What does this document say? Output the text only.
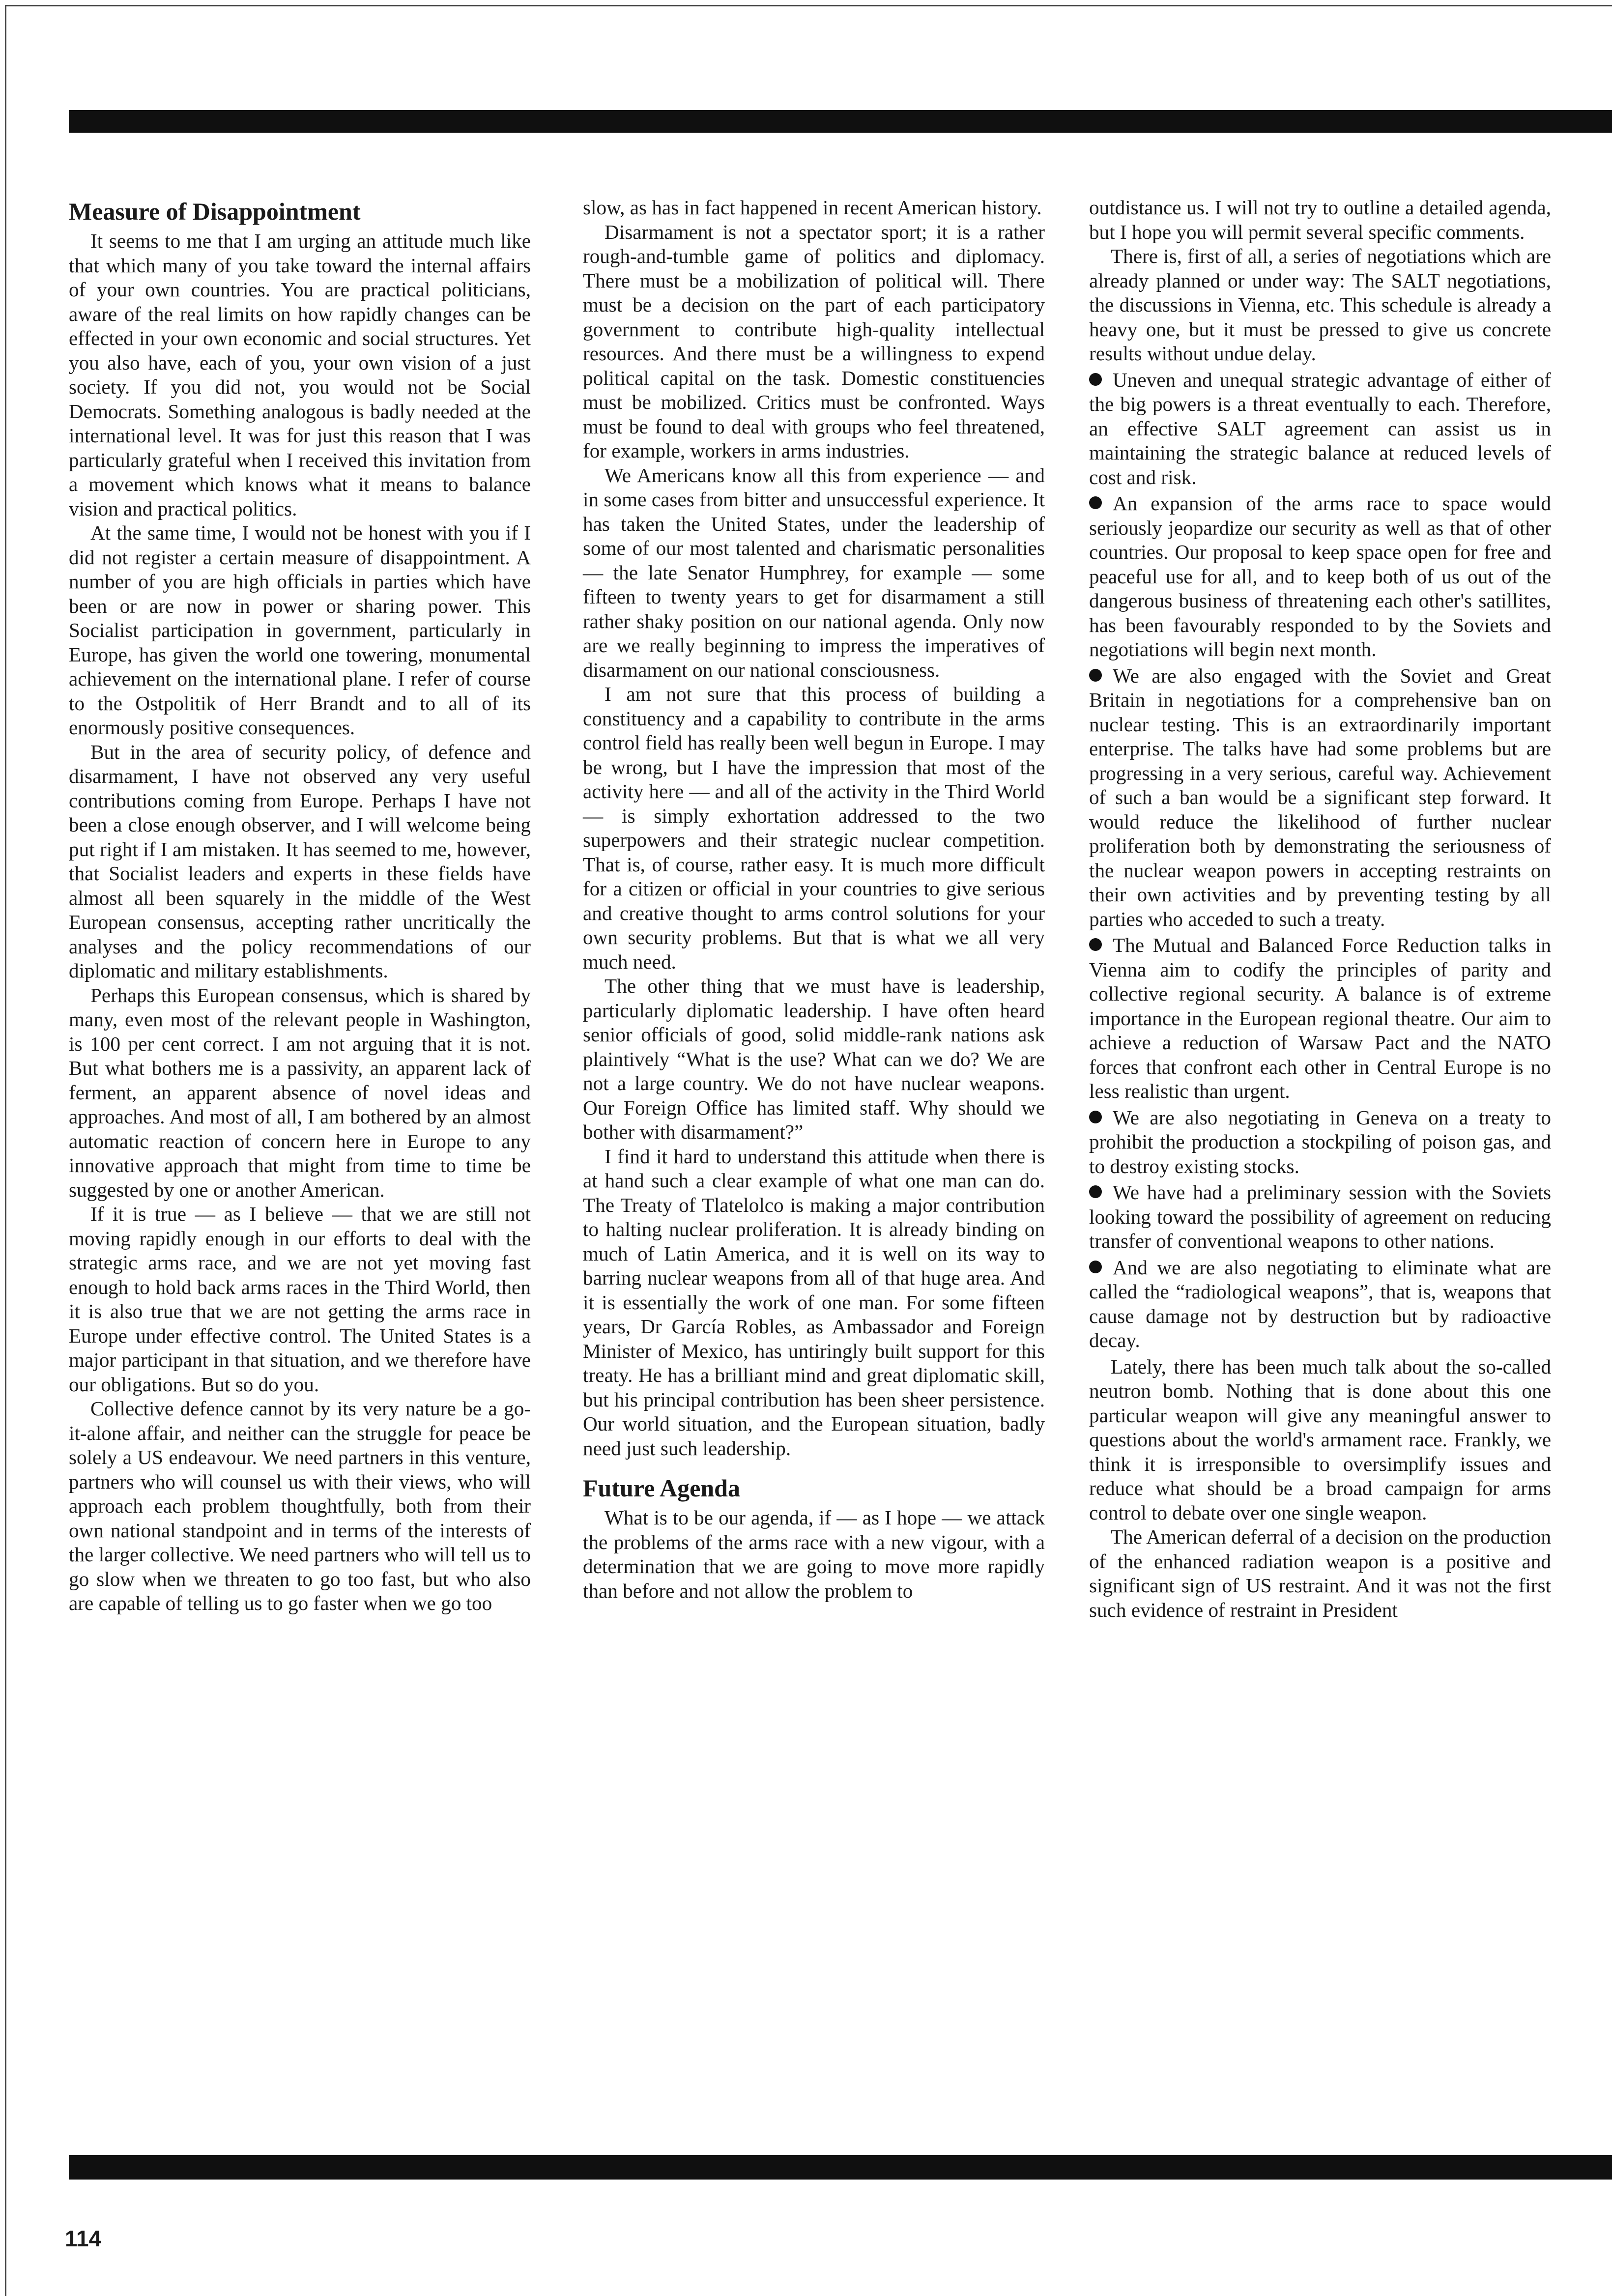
Measure of Disappointment

It seems to me that I am urging an attitude much like that which many of you take toward the internal affairs of your own countries. You are practical politicians, aware of the real limits on how rapidly changes can be effected in your own economic and social structures. Yet you also have, each of you, your own vision of a just society. If you did not, you would not be Social Democrats. Something analogous is badly needed at the international level. It was for just this reason that I was particularly grateful when I received this invitation from a movement which knows what it means to balance vision and practical politics.

At the same time, I would not be honest with you if I did not register a certain measure of disappointment. A number of you are high officials in parties which have been or are now in power or sharing power. This Socialist participation in government, particularly in Europe, has given the world one towering, monumental achievement on the international plane. I refer of course to the Ostpolitik of Herr Brandt and to all of its enormously positive consequences.

But in the area of security policy, of defence and disarmament, I have not observed any very useful contributions coming from Europe. Perhaps I have not been a close enough observer, and I will welcome being put right if I am mistaken. It has seemed to me, however, that Socialist leaders and experts in these fields have almost all been squarely in the middle of the West European consensus, accepting rather uncritically the analyses and the policy recommendations of our diplomatic and military establishments.

Perhaps this European consensus, which is shared by many, even most of the relevant people in Washington, is 100 per cent correct. I am not arguing that it is not. But what bothers me is a passivity, an apparent lack of ferment, an apparent absence of novel ideas and approaches. And most of all, I am bothered by an almost automatic reaction of concern here in Europe to any innovative approach that might from time to time be suggested by one or another American.

If it is true — as I believe — that we are still not moving rapidly enough in our efforts to deal with the strategic arms race, and we are not yet moving fast enough to hold back arms races in the Third World, then it is also true that we are not getting the arms race in Europe under effective control. The United States is a major participant in that situation, and we therefore have our obligations. But so do you.

Collective defence cannot by its very nature be a go-it-alone affair, and neither can the struggle for peace be solely a US endeavour. We need partners in this venture, partners who will counsel us with their views, who will approach each problem thoughtfully, both from their own national standpoint and in terms of the interests of the larger collective. We need partners who will tell us to go slow when we threaten to go too fast, but who also are capable of telling us to go faster when we go too

slow, as has in fact happened in recent American history.

Disarmament is not a spectator sport; it is a rather rough-and-tumble game of politics and diplomacy. There must be a mobilization of political will. There must be a decision on the part of each participatory government to contribute high-quality intellectual resources. And there must be a willingness to expend political capital on the task. Domestic constituencies must be mobilized. Critics must be confronted. Ways must be found to deal with groups who feel threatened, for example, workers in arms industries.

We Americans know all this from experience — and in some cases from bitter and unsuccessful experience. It has taken the United States, under the leadership of some of our most talented and charismatic personalities — the late Senator Humphrey, for example — some fifteen to twenty years to get for disarmament a still rather shaky position on our national agenda. Only now are we really beginning to impress the imperatives of disarmament on our national consciousness.

I am not sure that this process of building a constituency and a capability to contribute in the arms control field has really been well begun in Europe. I may be wrong, but I have the impression that most of the activity here — and all of the activity in the Third World — is simply exhortation addressed to the two superpowers and their strategic nuclear competition. That is, of course, rather easy. It is much more difficult for a citizen or official in your countries to give serious and creative thought to arms control solutions for your own security problems. But that is what we all very much need.

The other thing that we must have is leadership, particularly diplomatic leadership. I have often heard senior officials of good, solid middle-rank nations ask plaintively “What is the use? What can we do? We are not a large country. We do not have nuclear weapons. Our Foreign Office has limited staff. Why should we bother with disarmament?”

I find it hard to understand this attitude when there is at hand such a clear example of what one man can do. The Treaty of Tlatelolco is making a major contribution to halting nuclear proliferation. It is already binding on much of Latin America, and it is well on its way to barring nuclear weapons from all of that huge area. And it is essentially the work of one man. For some fifteen years, Dr García Robles, as Ambassador and Foreign Minister of Mexico, has untiringly built support for this treaty. He has a brilliant mind and great diplomatic skill, but his principal contribution has been sheer persistence. Our world situation, and the European situation, badly need just such leadership.

Future Agenda

What is to be our agenda, if — as I hope — we attack the problems of the arms race with a new vigour, with a determination that we are going to move more rapidly than before and not allow the problem to

outdistance us. I will not try to outline a detailed agenda, but I hope you will permit several specific comments.

There is, first of all, a series of negotiations which are already planned or under way: The SALT negotiations, the discussions in Vienna, etc. This schedule is already a heavy one, but it must be pressed to give us concrete results without undue delay.

Uneven and unequal strategic advantage of either of the big powers is a threat eventually to each. Therefore, an effective SALT agreement can assist us in maintaining the strategic balance at reduced levels of cost and risk.

An expansion of the arms race to space would seriously jeopardize our security as well as that of other countries. Our proposal to keep space open for free and peaceful use for all, and to keep both of us out of the dangerous business of threatening each other's satillites, has been favourably responded to by the Soviets and negotiations will begin next month.

We are also engaged with the Soviet and Great Britain in negotiations for a comprehensive ban on nuclear testing. This is an extraordinarily important enterprise. The talks have had some problems but are progressing in a very serious, careful way. Achievement of such a ban would be a significant step forward. It would reduce the likelihood of further nuclear proliferation both by demonstrating the seriousness of the nuclear weapon powers in accepting restraints on their own activities and by preventing testing by all parties who acceded to such a treaty.

The Mutual and Balanced Force Reduction talks in Vienna aim to codify the principles of parity and collective regional security. A balance is of extreme importance in the European regional theatre. Our aim to achieve a reduction of Warsaw Pact and the NATO forces that confront each other in Central Europe is no less realistic than urgent.

We are also negotiating in Geneva on a treaty to prohibit the production a stockpiling of poison gas, and to destroy existing stocks.

We have had a preliminary session with the Soviets looking toward the possibility of agreement on reducing transfer of conventional weapons to other nations.

And we are also negotiating to eliminate what are called the “radiological weapons”, that is, weapons that cause damage not by destruction but by radioactive decay.

Lately, there has been much talk about the so-called neutron bomb. Nothing that is done about this one particular weapon will give any meaningful answer to questions about the world's armament race. Frankly, we think it is irresponsible to oversimplify issues and reduce what should be a broad campaign for arms control to debate over one single weapon.

The American deferral of a decision on the production of the enhanced radiation weapon is a positive and significant sign of US restraint. And it was not the first such evidence of restraint in President

114
